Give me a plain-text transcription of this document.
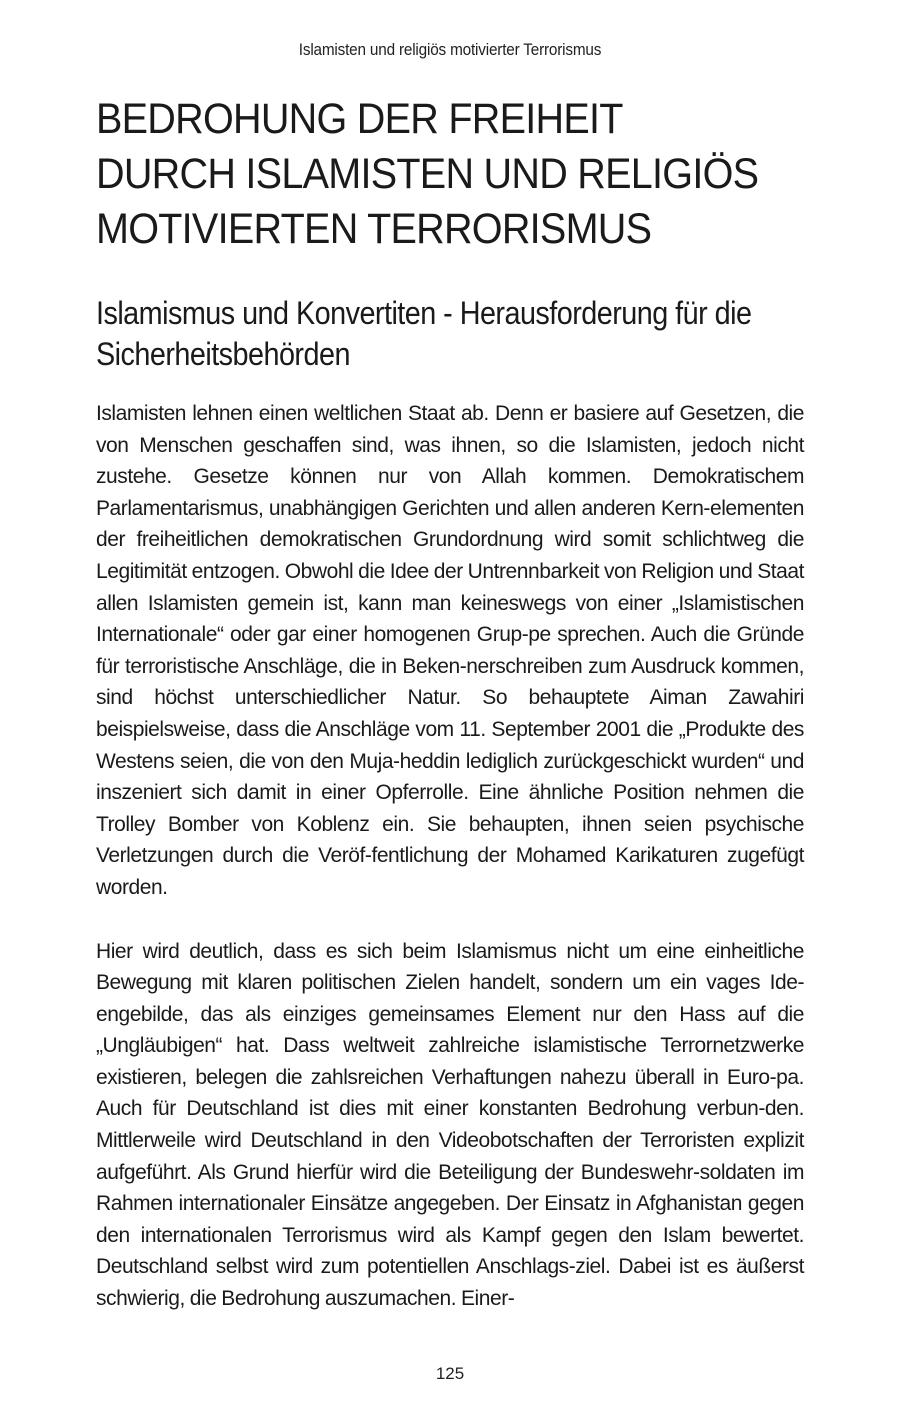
Islamisten und religiös motivierter Terrorismus
BEDROHUNG DER FREIHEIT DURCH ISLAMISTEN UND RELIGIÖS MOTIVIERTEN TERRORISMUS
Islamismus und Konvertiten - Herausforderung für die Sicherheitsbehörden

Islamisten lehnen einen weltlichen Staat ab. Denn er basiere auf Gesetzen, die von Menschen geschaffen sind, was ihnen, so die Islamisten, jedoch nicht zustehe. Gesetze können nur von Allah kommen. Demokratischem Parlamentarismus, unabhängigen Gerichten und allen anderen Kern-elementen der freiheitlichen demokratischen Grundordnung wird somit schlichtweg die Legitimität entzogen. Obwohl die Idee der Untrennbarkeit von Religion und Staat allen Islamisten gemein ist, kann man keineswegs von einer „Islamistischen Internationale“ oder gar einer homogenen Grup-pe sprechen. Auch die Gründe für terroristische Anschläge, die in Beken-nerschreiben zum Ausdruck kommen, sind höchst unterschiedlicher Natur. So behauptete Aiman Zawahiri beispielsweise, dass die Anschläge vom 11. September 2001 die „Produkte des Westens seien, die von den Muja-heddin lediglich zurückgeschickt wurden“ und inszeniert sich damit in einer Opferrolle. Eine ähnliche Position nehmen die Trolley Bomber von Koblenz ein. Sie behaupten, ihnen seien psychische Verletzungen durch die Veröf-fentlichung der Mohamed Karikaturen zugefügt worden.

Hier wird deutlich, dass es sich beim Islamismus nicht um eine einheitliche Bewegung mit klaren politischen Zielen handelt, sondern um ein vages Ide-engebilde, das als einziges gemeinsames Element nur den Hass auf die „Ungläubigen“ hat. Dass weltweit zahlreiche islamistische Terrornetzwerke existieren, belegen die zahlsreichen Verhaftungen nahezu überall in Euro-pa. Auch für Deutschland ist dies mit einer konstanten Bedrohung verbun-den. Mittlerweile wird Deutschland in den Videobotschaften der Terroristen explizit aufgeführt. Als Grund hierfür wird die Beteiligung der Bundeswehr-soldaten im Rahmen internationaler Einsätze angegeben. Der Einsatz in Afghanistan gegen den internationalen Terrorismus wird als Kampf gegen den Islam bewertet. Deutschland selbst wird zum potentiellen Anschlags-ziel. Dabei ist es äußerst schwierig, die Bedrohung auszumachen. Einer-

125
